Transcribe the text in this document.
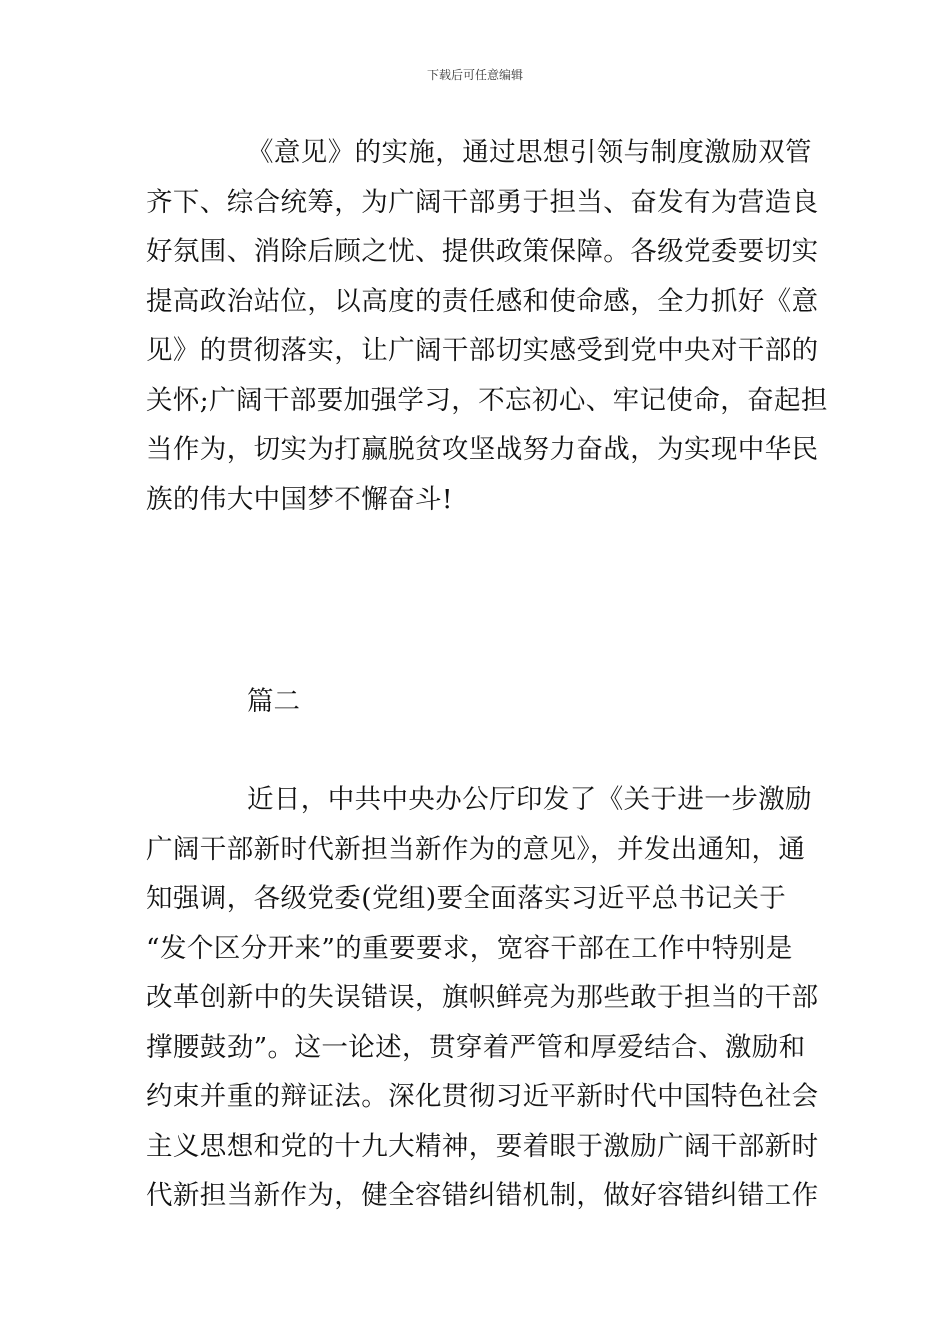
下载后可任意编辑
《意见》的实施，通过思想引领与制度激励双管
齐下、综合统筹，为广阔干部勇于担当、奋发有为营造良
好氛围、消除后顾之忧、提供政策保障。各级党委要切实
提高政治站位，以高度的责任感和使命感，全力抓好《意
见》的贯彻落实，让广阔干部切实感受到党中央对干部的
关怀;广阔干部要加强学习，不忘初心、牢记使命，奋起担
当作为，切实为打赢脱贫攻坚战努力奋战，为实现中华民
族的伟大中国梦不懈奋斗!
篇二
近日，中共中央办公厅印发了《关于进一步激励
广阔干部新时代新担当新作为的意见》，并发出通知，通
知强调，各级党委(党组)要全面落实习近平总书记关于
“发个区分开来”的重要要求，宽容干部在工作中特别是
改革创新中的失误错误，旗帜鲜亮为那些敢于担当的干部
撑腰鼓劲”。这一论述，贯穿着严管和厚爱结合、激励和
约束并重的辩证法。深化贯彻习近平新时代中国特色社会
主义思想和党的十九大精神，要着眼于激励广阔干部新时
代新担当新作为，健全容错纠错机制，做好容错纠错工作
